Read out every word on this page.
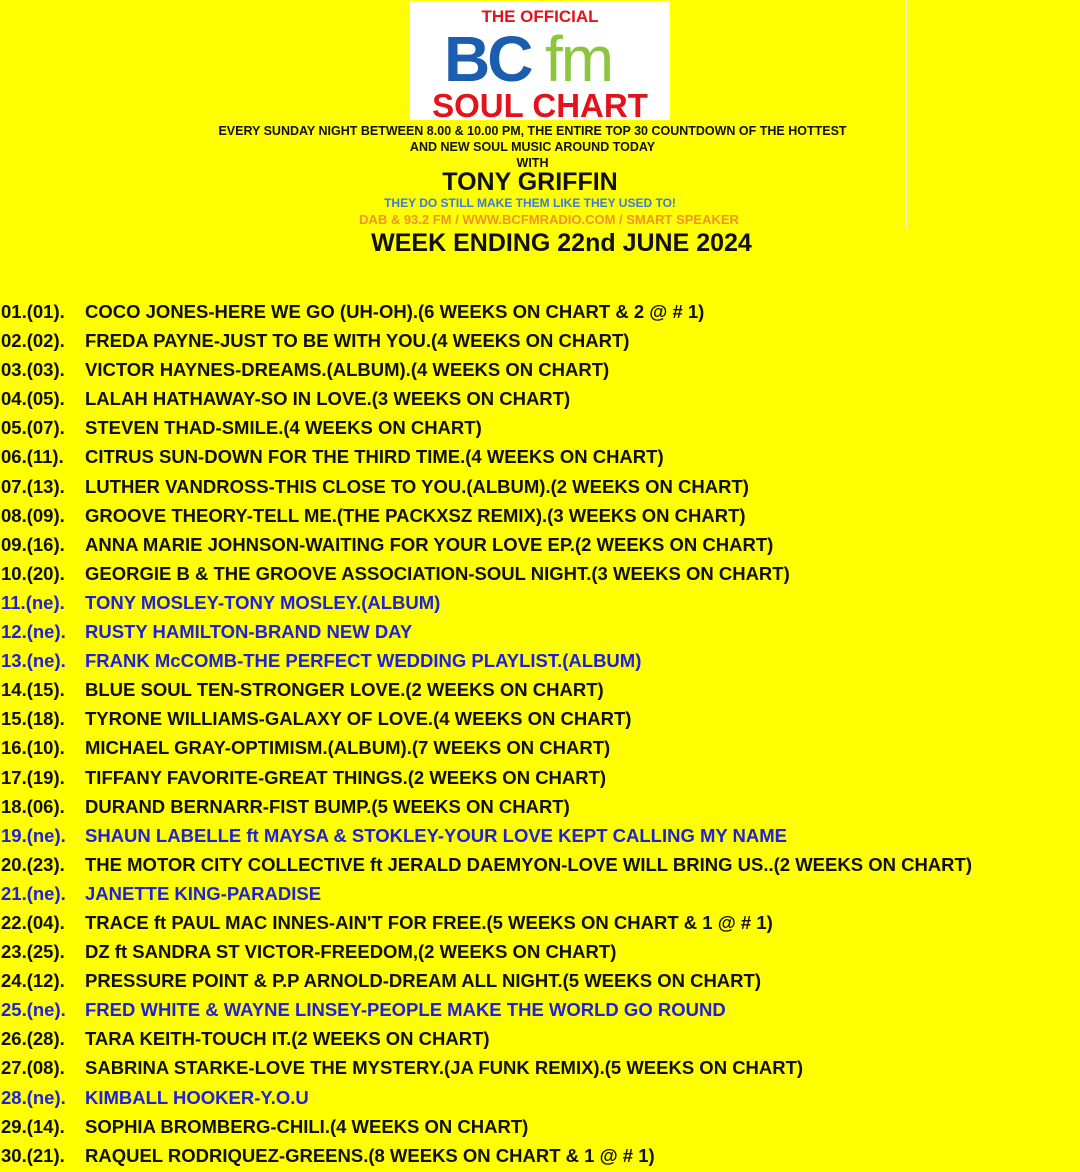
THE OFFICIAL
BC fm
SOUL CHART
EVERY SUNDAY NIGHT BETWEEN 8.00 & 10.00 PM, THE ENTIRE TOP 30 COUNTDOWN OF THE HOTTEST
AND NEW SOUL MUSIC AROUND TODAY
WITH
TONY GRIFFIN
THEY DO STILL MAKE THEM LIKE THEY USED TO!
DAB & 93.2 FM / WWW.BCFMRADIO.COM / SMART SPEAKER
WEEK ENDING 22nd JUNE 2024
01.(01). COCO JONES-HERE WE GO (UH-OH).(6 WEEKS ON CHART & 2 @ # 1)
02.(02). FREDA PAYNE-JUST TO BE WITH YOU.(4 WEEKS ON CHART)
03.(03). VICTOR HAYNES-DREAMS.(ALBUM).(4 WEEKS ON CHART)
04.(05). LALAH HATHAWAY-SO IN LOVE.(3 WEEKS ON CHART)
05.(07). STEVEN THAD-SMILE.(4 WEEKS ON CHART)
06.(11). CITRUS SUN-DOWN FOR THE THIRD TIME.(4 WEEKS ON CHART)
07.(13). LUTHER VANDROSS-THIS CLOSE TO YOU.(ALBUM).(2 WEEKS ON CHART)
08.(09). GROOVE THEORY-TELL ME.(THE PACKXSZ REMIX).(3 WEEKS ON CHART)
09.(16). ANNA MARIE JOHNSON-WAITING FOR YOUR LOVE EP.(2 WEEKS ON CHART)
10.(20). GEORGIE B & THE GROOVE ASSOCIATION-SOUL NIGHT.(3 WEEKS ON CHART)
11.(ne). TONY MOSLEY-TONY MOSLEY.(ALBUM)
12.(ne). RUSTY HAMILTON-BRAND NEW DAY
13.(ne). FRANK McCOMB-THE PERFECT WEDDING PLAYLIST.(ALBUM)
14.(15). BLUE SOUL TEN-STRONGER LOVE.(2 WEEKS ON CHART)
15.(18). TYRONE WILLIAMS-GALAXY OF LOVE.(4 WEEKS ON CHART)
16.(10). MICHAEL GRAY-OPTIMISM.(ALBUM).(7 WEEKS ON CHART)
17.(19). TIFFANY FAVORITE-GREAT THINGS.(2 WEEKS ON CHART)
18.(06). DURAND BERNARR-FIST BUMP.(5 WEEKS ON CHART)
19.(ne). SHAUN LABELLE ft MAYSA & STOKLEY-YOUR LOVE KEPT CALLING MY NAME
20.(23). THE MOTOR CITY COLLECTIVE ft JERALD DAEMYON-LOVE WILL BRING US..(2 WEEKS ON CHART)
21.(ne). JANETTE KING-PARADISE
22.(04). TRACE ft PAUL MAC INNES-AIN'T FOR FREE.(5 WEEKS ON CHART & 1 @ # 1)
23.(25). DZ ft SANDRA ST VICTOR-FREEDOM,(2 WEEKS ON CHART)
24.(12). PRESSURE POINT & P.P ARNOLD-DREAM ALL NIGHT.(5 WEEKS ON CHART)
25.(ne). FRED WHITE & WAYNE LINSEY-PEOPLE MAKE THE WORLD GO ROUND
26.(28). TARA KEITH-TOUCH IT.(2 WEEKS ON CHART)
27.(08). SABRINA STARKE-LOVE THE MYSTERY.(JA FUNK REMIX).(5 WEEKS ON CHART)
28.(ne). KIMBALL HOOKER-Y.O.U
29.(14). SOPHIA BROMBERG-CHILI.(4 WEEKS ON CHART)
30.(21). RAQUEL RODRIQUEZ-GREENS.(8 WEEKS ON CHART & 1 @ # 1)
